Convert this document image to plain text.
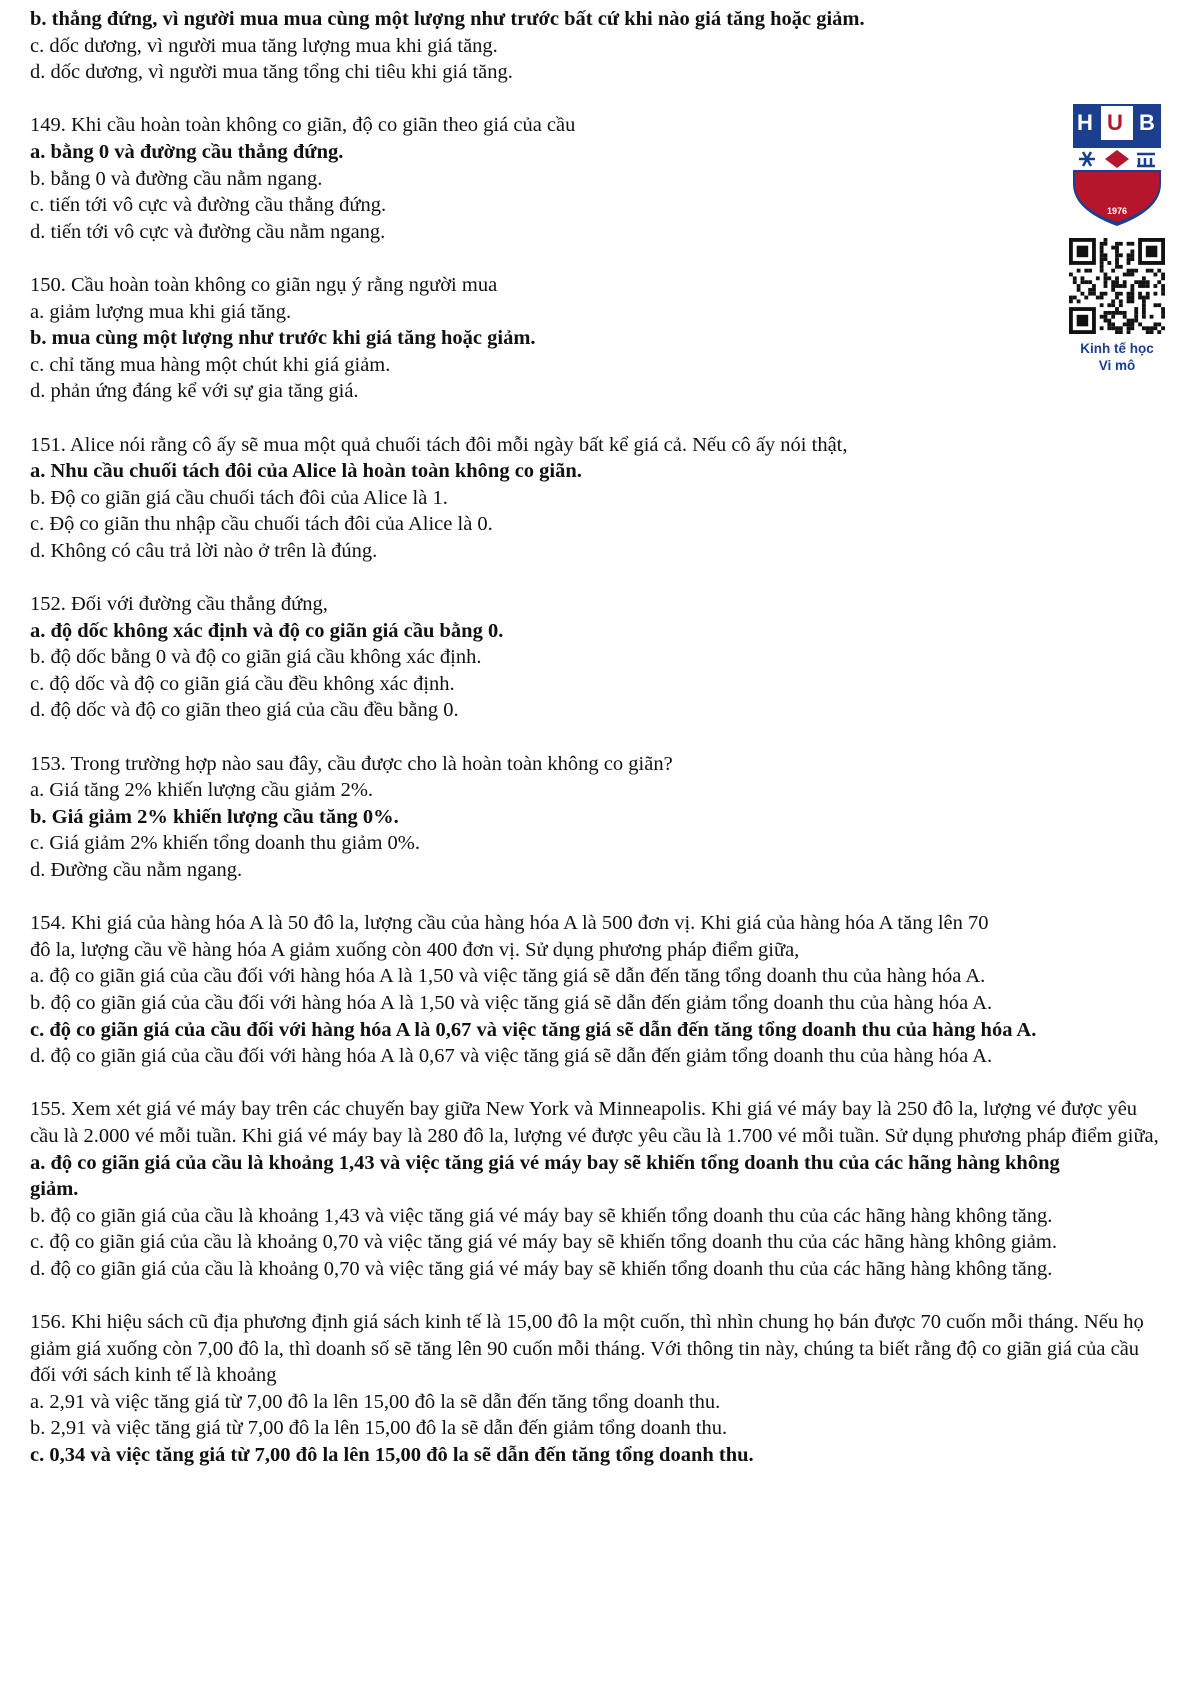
b. thẳng đứng, vì người mua mua cùng một lượng như trước bất cứ khi nào giá tăng hoặc giảm.
c. dốc dương, vì người mua tăng lượng mua khi giá tăng.
d. dốc dương, vì người mua tăng tổng chi tiêu khi giá tăng.
149. Khi cầu hoàn toàn không co giãn, độ co giãn theo giá của cầu
a. bằng 0 và đường cầu thẳng đứng.
b. bằng 0 và đường cầu nằm ngang.
c. tiến tới vô cực và đường cầu thẳng đứng.
d. tiến tới vô cực và đường cầu nằm ngang.
150. Cầu hoàn toàn không co giãn ngụ ý rằng người mua
a. giảm lượng mua khi giá tăng.
b. mua cùng một lượng như trước khi giá tăng hoặc giảm.
c. chỉ tăng mua hàng một chút khi giá giảm.
d. phản ứng đáng kể với sự gia tăng giá.
151. Alice nói rằng cô ấy sẽ mua một quả chuối tách đôi mỗi ngày bất kể giá cả. Nếu cô ấy nói thật,
a. Nhu cầu chuối tách đôi của Alice là hoàn toàn không co giãn.
b. Độ co giãn giá cầu chuối tách đôi của Alice là 1.
c. Độ co giãn thu nhập cầu chuối tách đôi của Alice là 0.
d. Không có câu trả lời nào ở trên là đúng.
152. Đối với đường cầu thẳng đứng,
a. độ dốc không xác định và độ co giãn giá cầu bằng 0.
b. độ dốc bằng 0 và độ co giãn giá cầu không xác định.
c. độ dốc và độ co giãn giá cầu đều không xác định.
d. độ dốc và độ co giãn theo giá của cầu đều bằng 0.
153. Trong trường hợp nào sau đây, cầu được cho là hoàn toàn không co giãn?
a. Giá tăng 2% khiến lượng cầu giảm 2%.
b. Giá giảm 2% khiến lượng cầu tăng 0%.
c. Giá giảm 2% khiến tổng doanh thu giảm 0%.
d. Đường cầu nằm ngang.
154. Khi giá của hàng hóa A là 50 đô la, lượng cầu của hàng hóa A là 500 đơn vị. Khi giá của hàng hóa A tăng lên 70
đô la, lượng cầu về hàng hóa A giảm xuống còn 400 đơn vị. Sử dụng phương pháp điểm giữa,
a. độ co giãn giá của cầu đối với hàng hóa A là 1,50 và việc tăng giá sẽ dẫn đến tăng tổng doanh thu của hàng hóa A.
b. độ co giãn giá của cầu đối với hàng hóa A là 1,50 và việc tăng giá sẽ dẫn đến giảm tổng doanh thu của hàng hóa A.
c. độ co giãn giá của cầu đối với hàng hóa A là 0,67 và việc tăng giá sẽ dẫn đến tăng tổng doanh thu của hàng hóa A.
d. độ co giãn giá của cầu đối với hàng hóa A là 0,67 và việc tăng giá sẽ dẫn đến giảm tổng doanh thu của hàng hóa A.
155. Xem xét giá vé máy bay trên các chuyến bay giữa New York và Minneapolis. Khi giá vé máy bay là 250 đô la, lượng vé được yêu cầu là 2.000 vé mỗi tuần. Khi giá vé máy bay là 280 đô la, lượng vé được yêu cầu là 1.700 vé mỗi tuần. Sử dụng phương pháp điểm giữa,
a. độ co giãn giá của cầu là khoảng 1,43 và việc tăng giá vé máy bay sẽ khiến tổng doanh thu của các hãng hàng không giảm.
b. độ co giãn giá của cầu là khoảng 1,43 và việc tăng giá vé máy bay sẽ khiến tổng doanh thu của các hãng hàng không tăng.
c. độ co giãn giá của cầu là khoảng 0,70 và việc tăng giá vé máy bay sẽ khiến tổng doanh thu của các hãng hàng không giảm.
d. độ co giãn giá của cầu là khoảng 0,70 và việc tăng giá vé máy bay sẽ khiến tổng doanh thu của các hãng hàng không tăng.
156. Khi hiệu sách cũ địa phương định giá sách kinh tế là 15,00 đô la một cuốn, thì nhìn chung họ bán được 70 cuốn mỗi tháng. Nếu họ giảm giá xuống còn 7,00 đô la, thì doanh số sẽ tăng lên 90 cuốn mỗi tháng. Với thông tin này, chúng ta biết rằng độ co giãn giá của cầu đối với sách kinh tế là khoảng
a. 2,91 và việc tăng giá từ 7,00 đô la lên 15,00 đô la sẽ dẫn đến tăng tổng doanh thu.
b. 2,91 và việc tăng giá từ 7,00 đô la lên 15,00 đô la sẽ dẫn đến giảm tổng doanh thu.
c. 0,34 và việc tăng giá từ 7,00 đô la lên 15,00 đô la sẽ dẫn đến tăng tổng doanh thu.
H U B
1976
Kinh tế học
Vi mô
